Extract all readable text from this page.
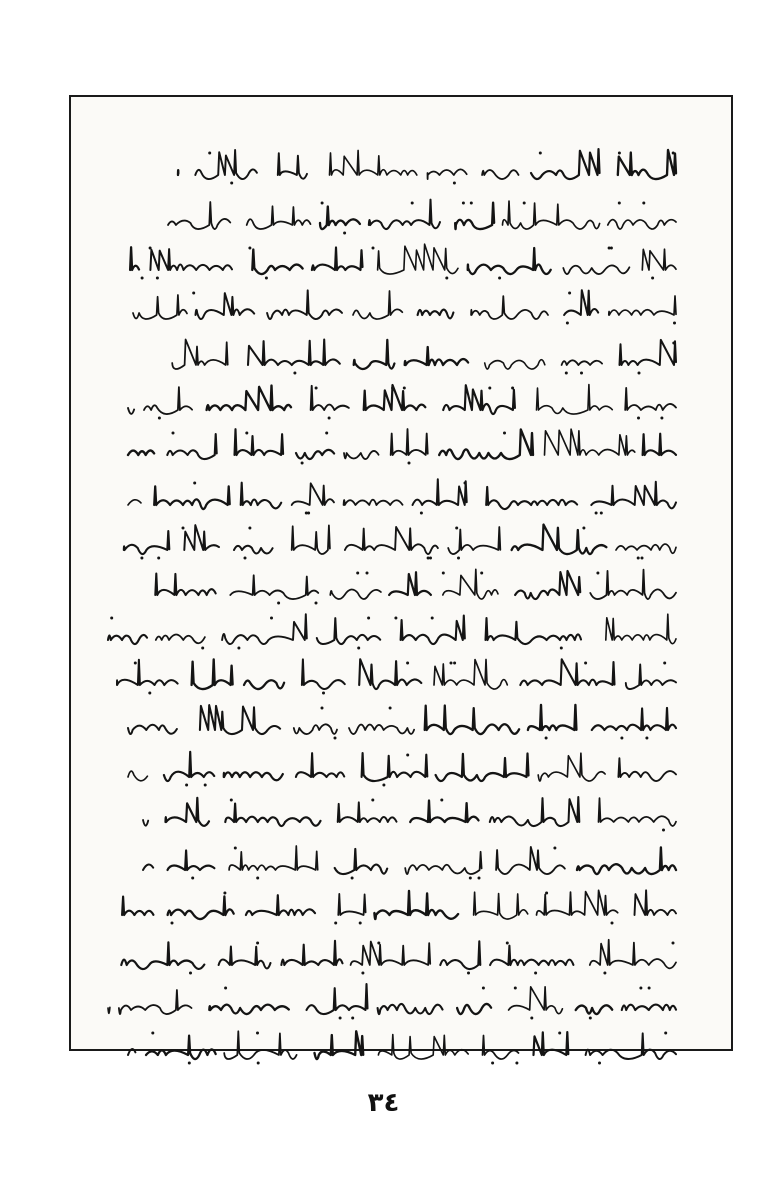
٣٤
